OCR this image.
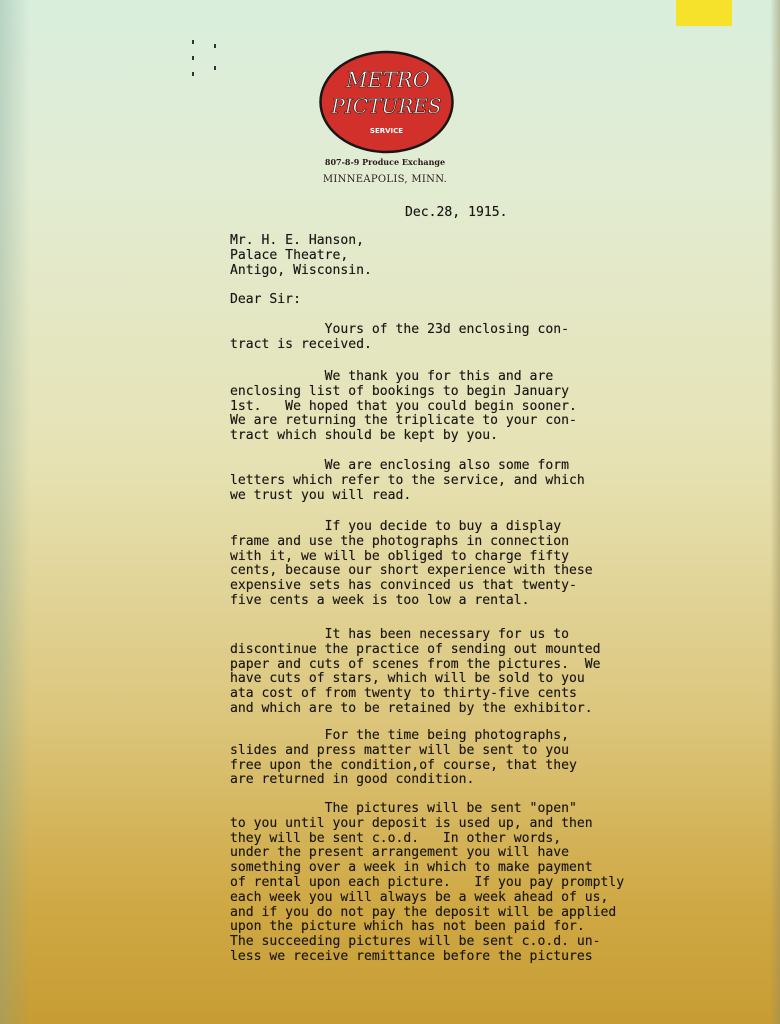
METRO
PICTURES
SERVICE
807-8-9 Produce Exchange
MINNEAPOLIS, MINN.
Dec.28, 1915.
Mr. H. E. Hanson,
Palace Theatre,
Antigo, Wisconsin.
Dear Sir:
Yours of the 23d enclosing con-
tract is received.
We thank you for this and are
enclosing list of bookings to begin January
1st.   We hoped that you could begin sooner.
We are returning the triplicate to your con-
tract which should be kept by you.
We are enclosing also some form
letters which refer to the service, and which
we trust you will read.
If you decide to buy a display
frame and use the photographs in connection
with it, we will be obliged to charge fifty
cents, because our short experience with these
expensive sets has convinced us that twenty-
five cents a week is too low a rental.
It has been necessary for us to
discontinue the practice of sending out mounted
paper and cuts of scenes from the pictures.  We
have cuts of stars, which will be sold to you
ata cost of from twenty to thirty-five cents
and which are to be retained by the exhibitor.
For the time being photographs,
slides and press matter will be sent to you
free upon the condition,of course, that they
are returned in good condition.
The pictures will be sent "open"
to you until your deposit is used up, and then
they will be sent c.o.d.   In other words,
under the present arrangement you will have
something over a week in which to make payment
of rental upon each picture.   If you pay promptly
each week you will always be a week ahead of us,
and if you do not pay the deposit will be applied
upon the picture which has not been paid for.
The succeeding pictures will be sent c.o.d. un-
less we receive remittance before the pictures
